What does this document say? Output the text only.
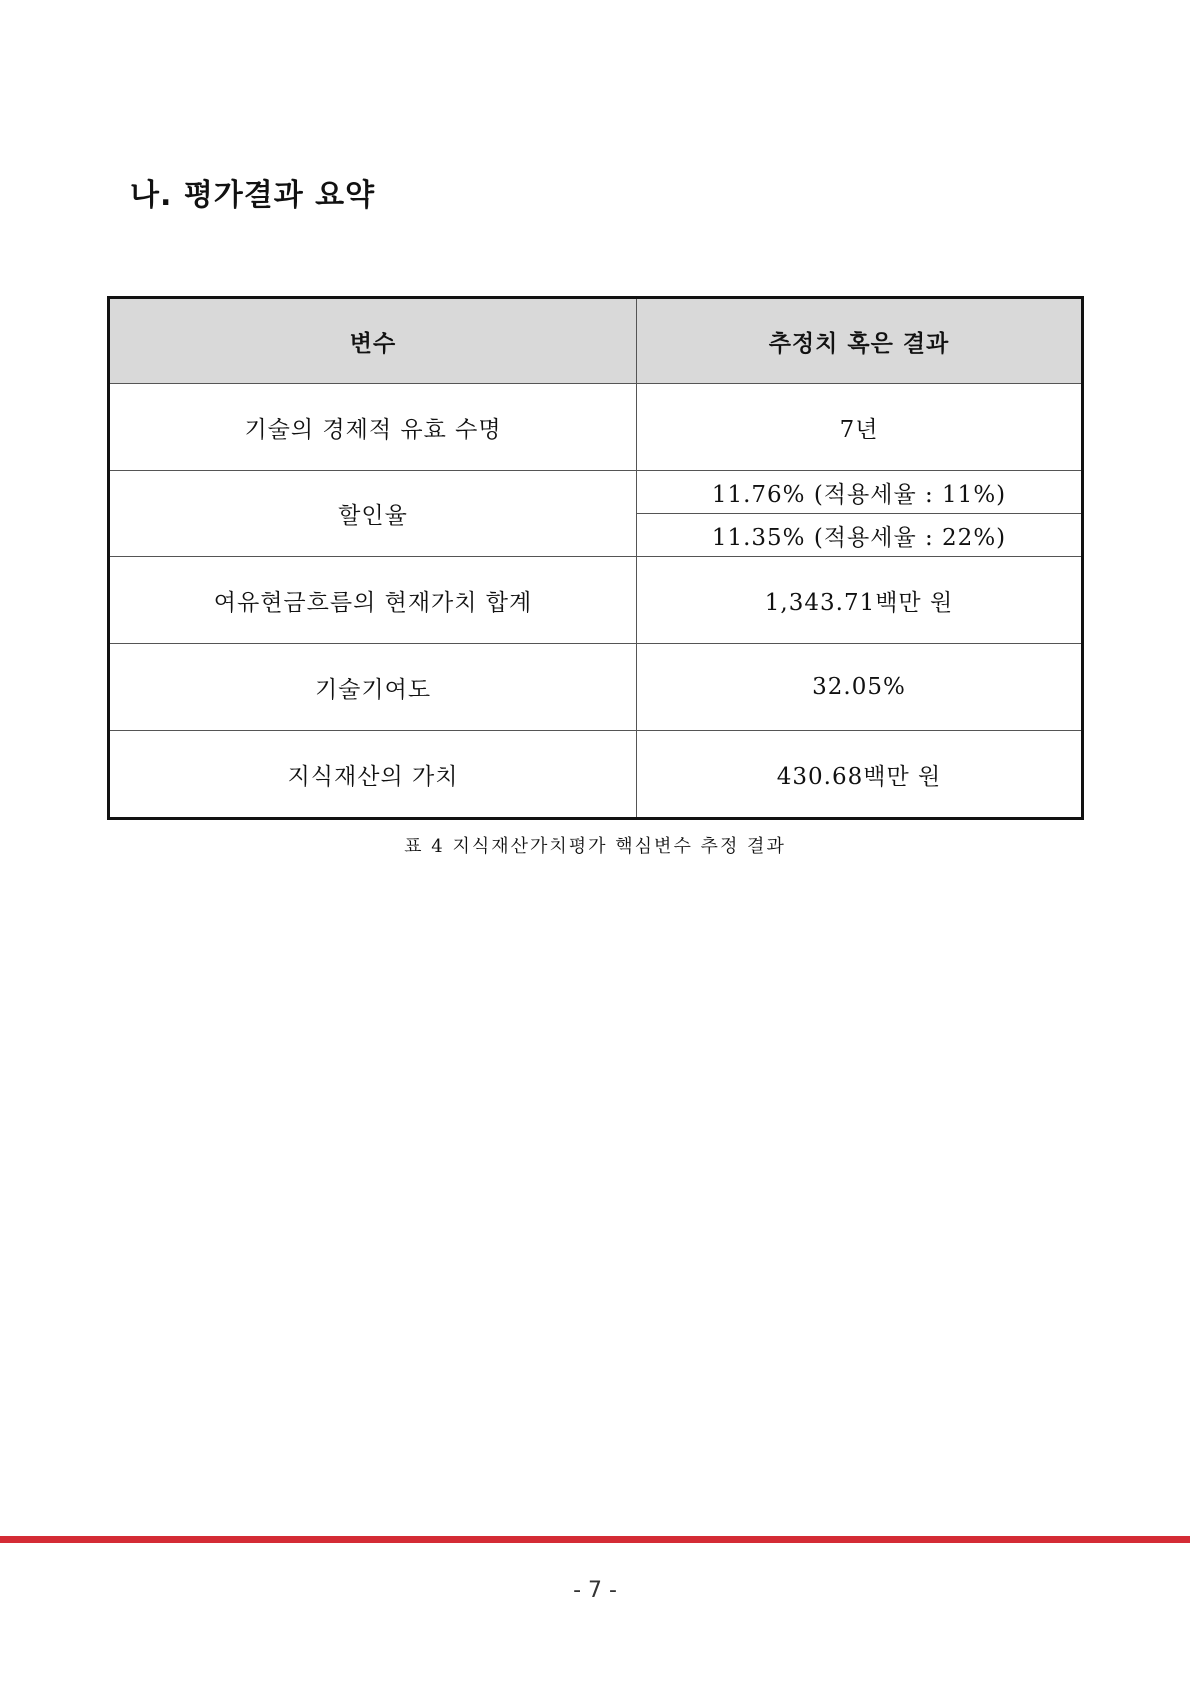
나. 평가결과 요약
변수	추정치 혹은 결과
기술의 경제적 유효 수명	7년
할인율	11.76% (적용세율 : 11%)
	11.35% (적용세율 : 22%)
여유현금흐름의 현재가치 합계	1,343.71백만 원
기술기여도	32.05%
지식재산의 가치	430.68백만 원
표 4 지식재산가치평가 핵심변수 추정 결과
- 7 -
